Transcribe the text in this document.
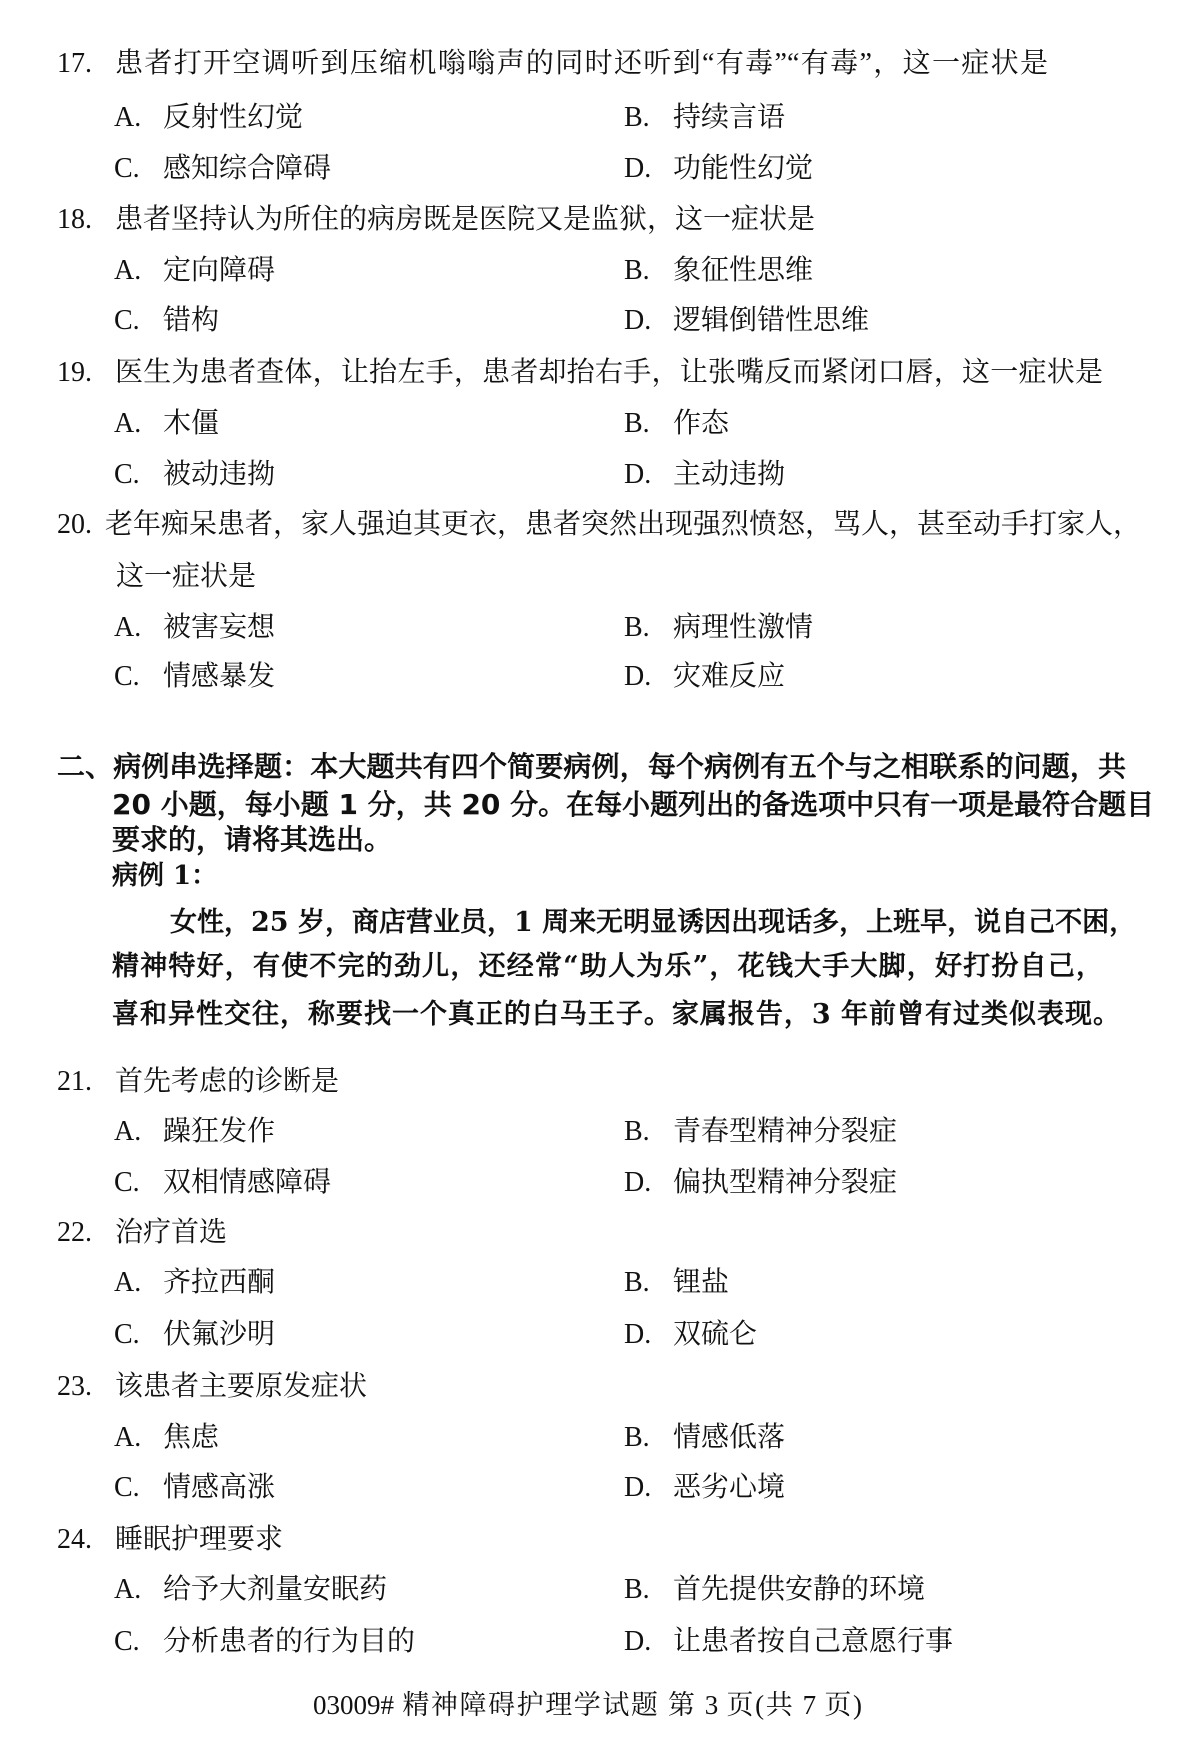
17. 患者打开空调听到压缩机嗡嗡声的同时还听到“有毒”“有毒”，这一症状是
A. 反射性幻觉	B. 持续言语
C. 感知综合障碍	D. 功能性幻觉
18. 患者坚持认为所住的病房既是医院又是监狱，这一症状是
A. 定向障碍	B. 象征性思维
C. 错构	D. 逻辑倒错性思维
19. 医生为患者查体，让抬左手，患者却抬右手，让张嘴反而紧闭口唇，这一症状是
A. 木僵	B. 作态
C. 被动违拗	D. 主动违拗
20. 老年痴呆患者，家人强迫其更衣，患者突然出现强烈愤怒，骂人，甚至动手打家人，
这一症状是
A. 被害妄想	B. 病理性激情
C. 情感暴发	D. 灾难反应
二、病例串选择题：本大题共有四个简要病例，每个病例有五个与之相联系的问题，共
20 小题，每小题 1 分，共 20 分。在每小题列出的备选项中只有一项是最符合题目
要求的，请将其选出。
病例 1：
女性，25 岁，商店营业员，1 周来无明显诱因出现话多，上班早，说自己不困，
精神特好，有使不完的劲儿，还经常“助人为乐”，花钱大手大脚，好打扮自己，
喜和异性交往，称要找一个真正的白马王子。家属报告，3 年前曾有过类似表现。
21. 首先考虑的诊断是
A. 躁狂发作	B. 青春型精神分裂症
C. 双相情感障碍	D. 偏执型精神分裂症
22. 治疗首选
A. 齐拉西酮	B. 锂盐
C. 伏氟沙明	D. 双硫仑
23. 该患者主要原发症状
A. 焦虑	B. 情感低落
C. 情感高涨	D. 恶劣心境
24. 睡眠护理要求
A. 给予大剂量安眠药	B. 首先提供安静的环境
C. 分析患者的行为目的	D. 让患者按自己意愿行事
03009# 精神障碍护理学试题 第 3 页(共 7 页)
